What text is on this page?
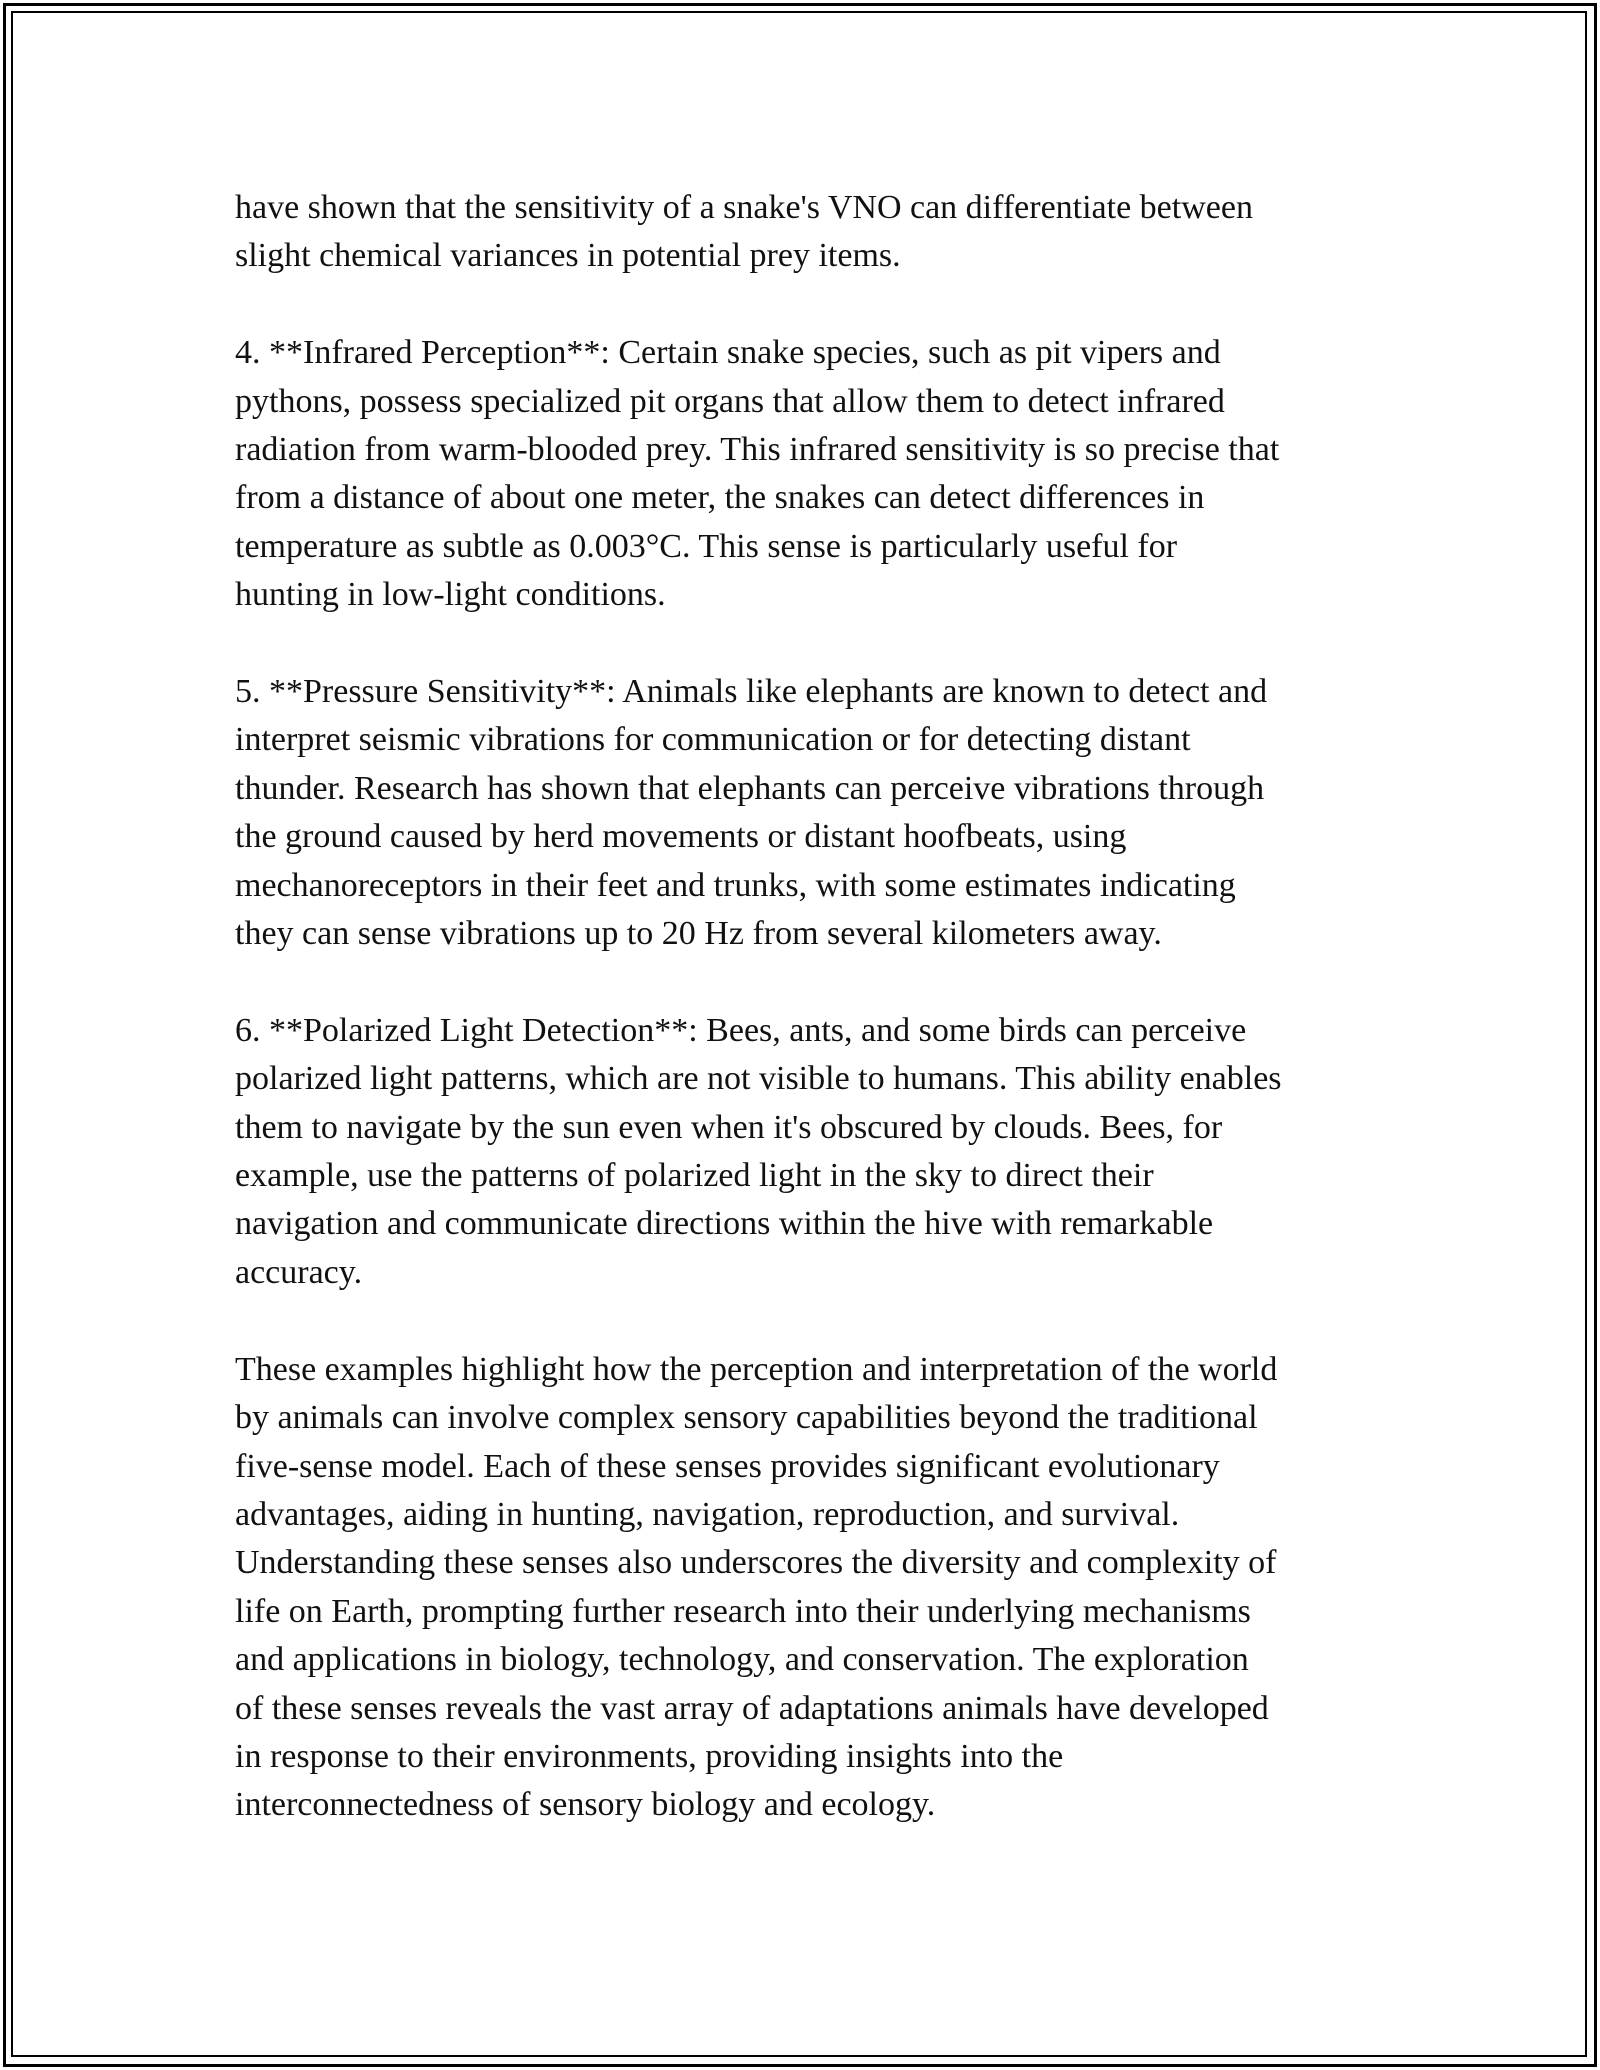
have shown that the sensitivity of a snake's VNO can differentiate between
slight chemical variances in potential prey items.

4. **Infrared Perception**: Certain snake species, such as pit vipers and
pythons, possess specialized pit organs that allow them to detect infrared
radiation from warm-blooded prey. This infrared sensitivity is so precise that
from a distance of about one meter, the snakes can detect differences in
temperature as subtle as 0.003°C. This sense is particularly useful for
hunting in low-light conditions.

5. **Pressure Sensitivity**: Animals like elephants are known to detect and
interpret seismic vibrations for communication or for detecting distant
thunder. Research has shown that elephants can perceive vibrations through
the ground caused by herd movements or distant hoofbeats, using
mechanoreceptors in their feet and trunks, with some estimates indicating
they can sense vibrations up to 20 Hz from several kilometers away.

6. **Polarized Light Detection**: Bees, ants, and some birds can perceive
polarized light patterns, which are not visible to humans. This ability enables
them to navigate by the sun even when it's obscured by clouds. Bees, for
example, use the patterns of polarized light in the sky to direct their
navigation and communicate directions within the hive with remarkable
accuracy.

These examples highlight how the perception and interpretation of the world
by animals can involve complex sensory capabilities beyond the traditional
five-sense model. Each of these senses provides significant evolutionary
advantages, aiding in hunting, navigation, reproduction, and survival.
Understanding these senses also underscores the diversity and complexity of
life on Earth, prompting further research into their underlying mechanisms
and applications in biology, technology, and conservation. The exploration
of these senses reveals the vast array of adaptations animals have developed
in response to their environments, providing insights into the
interconnectedness of sensory biology and ecology.
